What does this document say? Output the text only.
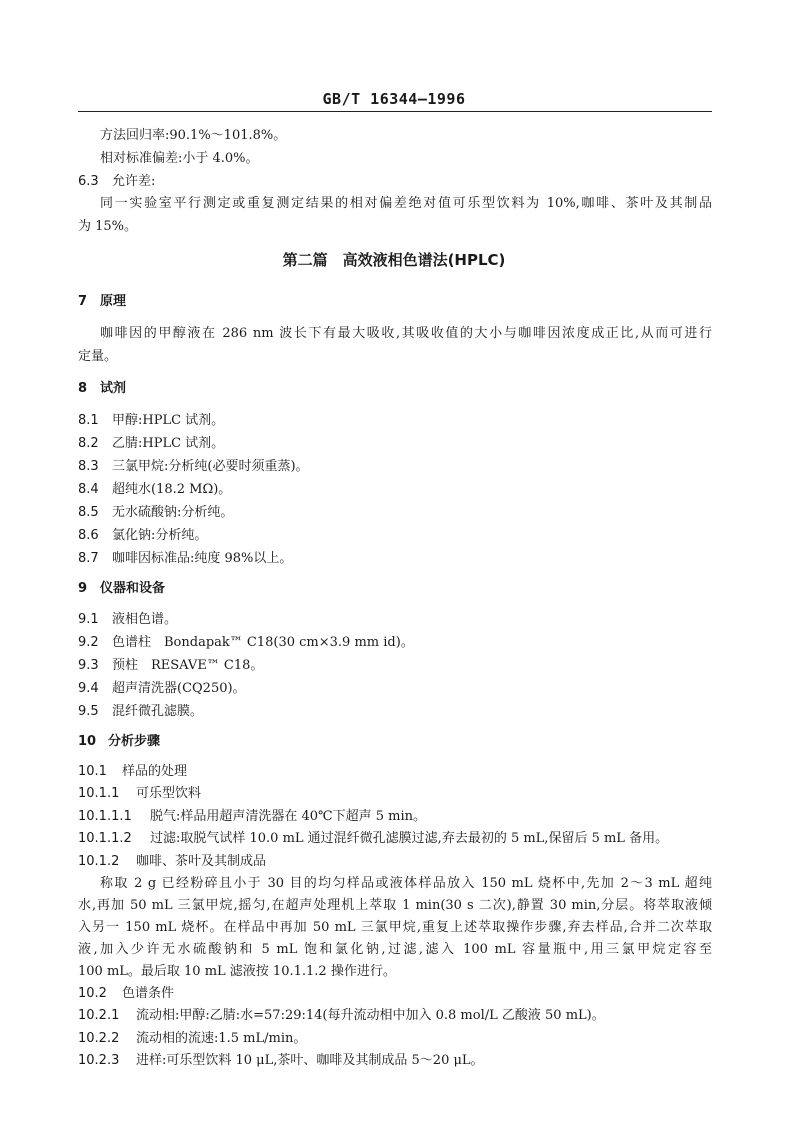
GB/T 16344—1996
方法回归率:90.1%～101.8%。
相对标准偏差:小于 4.0%。
6.3 允许差:
同一实验室平行测定或重复测定结果的相对偏差绝对值可乐型饮料为 10%,咖啡、茶叶及其制品
为 15%。
第二篇　高效液相色谱法(HPLC)
7 原理
咖啡因的甲醇液在 286 nm 波长下有最大吸收,其吸收值的大小与咖啡因浓度成正比,从而可进行
定量。
8 试剂
8.1 甲醇:HPLC 试剂。
8.2 乙腈:HPLC 试剂。
8.3 三氯甲烷:分析纯(必要时须重蒸)。
8.4 超纯水(18.2 MΩ)。
8.5 无水硫酸钠:分析纯。
8.6 氯化钠:分析纯。
8.7 咖啡因标准品:纯度 98%以上。
9 仪器和设备
9.1 液相色谱。
9.2 色谱柱　Bondapak™ C18(30 cm×3.9 mm id)。
9.3 预柱　RESAVE™ C18。
9.4 超声清洗器(CQ250)。
9.5 混纤微孔滤膜。
10 分析步骤
10.1 样品的处理
10.1.1 可乐型饮料
10.1.1.1 脱气:样品用超声清洗器在 40℃下超声 5 min。
10.1.1.2 过滤:取脱气试样 10.0 mL 通过混纤微孔滤膜过滤,弃去最初的 5 mL,保留后 5 mL 备用。
10.1.2 咖啡、茶叶及其制成品
称取 2 g 已经粉碎且小于 30 目的均匀样品或液体样品放入 150 mL 烧杯中,先加 2～3 mL 超纯
水,再加 50 mL 三氯甲烷,摇匀,在超声处理机上萃取 1 min(30 s 二次),静置 30 min,分层。将萃取液倾
入另一 150 mL 烧杯。在样品中再加 50 mL 三氯甲烷,重复上述萃取操作步骤,弃去样品,合并二次萃取
液,加入少许无水硫酸钠和 5 mL 饱和氯化钠,过滤,滤入 100 mL 容量瓶中,用三氯甲烷定容至
100 mL。最后取 10 mL 滤液按 10.1.1.2 操作进行。
10.2 色谱条件
10.2.1 流动相:甲醇:乙腈:水=57:29:14(每升流动相中加入 0.8 mol/L 乙酸液 50 mL)。
10.2.2 流动相的流速:1.5 mL/min。
10.2.3 进样:可乐型饮料 10 μL,茶叶、咖啡及其制成品 5～20 μL。
